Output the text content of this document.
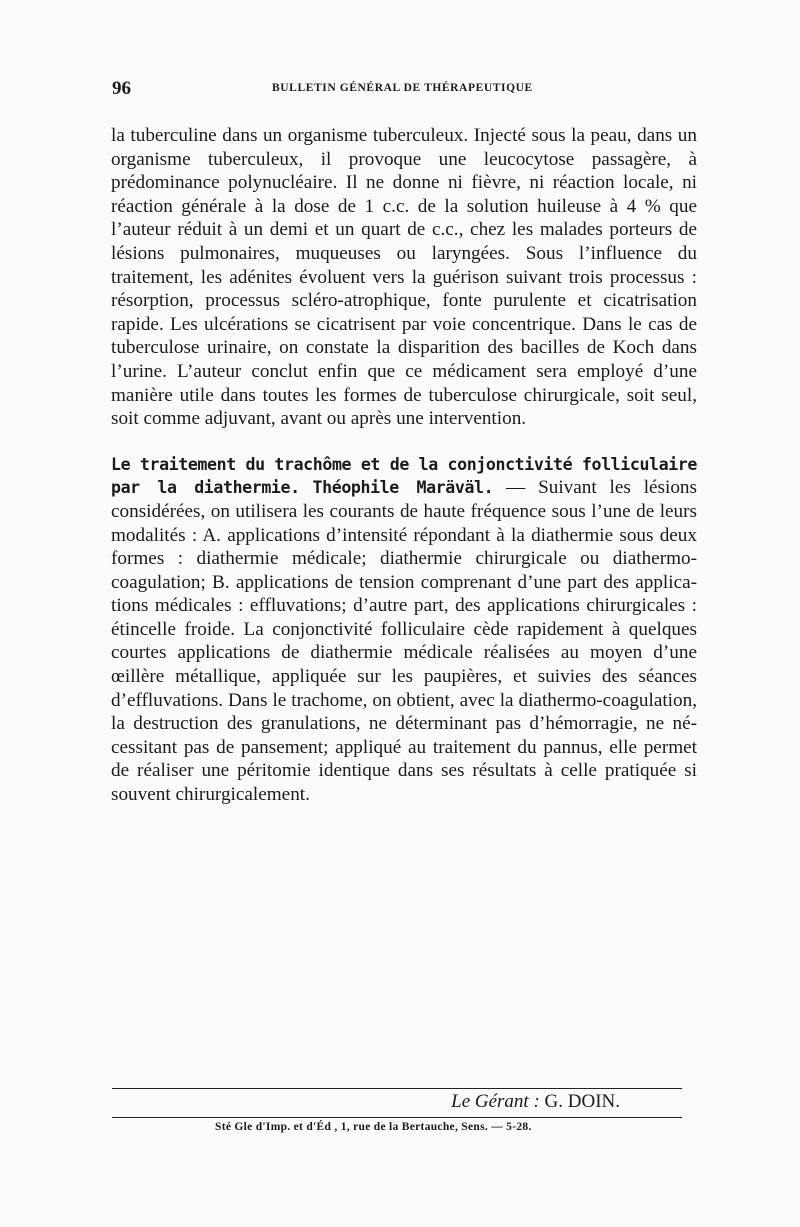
96	BULLETIN GÉNÉRAL DE THÉRAPEUTIQUE

la tuberculine dans un organisme tuberculeux. Injecté sous la peau, dans un organisme tuberculeux, il provoque une leucocytose passagère, à prédominance polynucléaire. Il ne donne ni fièvre, ni réaction locale, ni réaction générale à la dose de 1 c.c. de la solution huileuse à 4 % que l’auteur réduit à un demi et un quart de c.c., chez les malades porteurs de lésions pulmonaires, muqueuses ou laryngées. Sous l’influence du traitement, les adénites évoluent vers la guérison suivant trois processus : résorption, processus scléro-atrophique, fonte purulente et cicatrisation rapide. Les ulcérations se cicatrisent par voie concentrique. Dans le cas de tuberculose urinaire, on constate la disparition des bacilles de Koch dans l’urine. L’auteur conclut enfin que ce médicament sera employé d’une manière utile dans toutes les formes de tuberculose chirurgicale, soit seul, soit comme adjuvant, avant ou après une intervention.

Le traitement du trachôme et de la conjonctivité folliculaire par la diathermie. Théophile Maräväl. — Suivant les lésions considérées, on utilisera les courants de haute fréquence sous l’une de leurs modalités : A. applications d’intensité répondant à la diathermie sous deux formes : diathermie médicale; diathermie chirurgicale ou diathermo-coagulation; B. applications de tension comprenant d’une part des applications médicales : effluvations; d’autre part, des applications chirurgicales : étincelle froide. La conjonctivité folliculaire cède rapidement à quelques courtes applications de diathermie médicale réalisées au moyen d’une œillère métallique, appliquée sur les paupières, et suivies des séances d’effluvations. Dans le trachome, on obtient, avec la diathermo-coagulation, la destruction des granulations, ne déterminant pas d’hémorragie, ne nécessitant pas de pansement; appliqué au traitement du pannus, elle permet de réaliser une péritomie identique dans ses résultats à celle pratiquée si souvent chirurgicalement.

Le Gérant : G. DOIN.
Sté Gle d'Imp. et d'Éd , 1, rue de la Bertauche, Sens. — 5-28.
